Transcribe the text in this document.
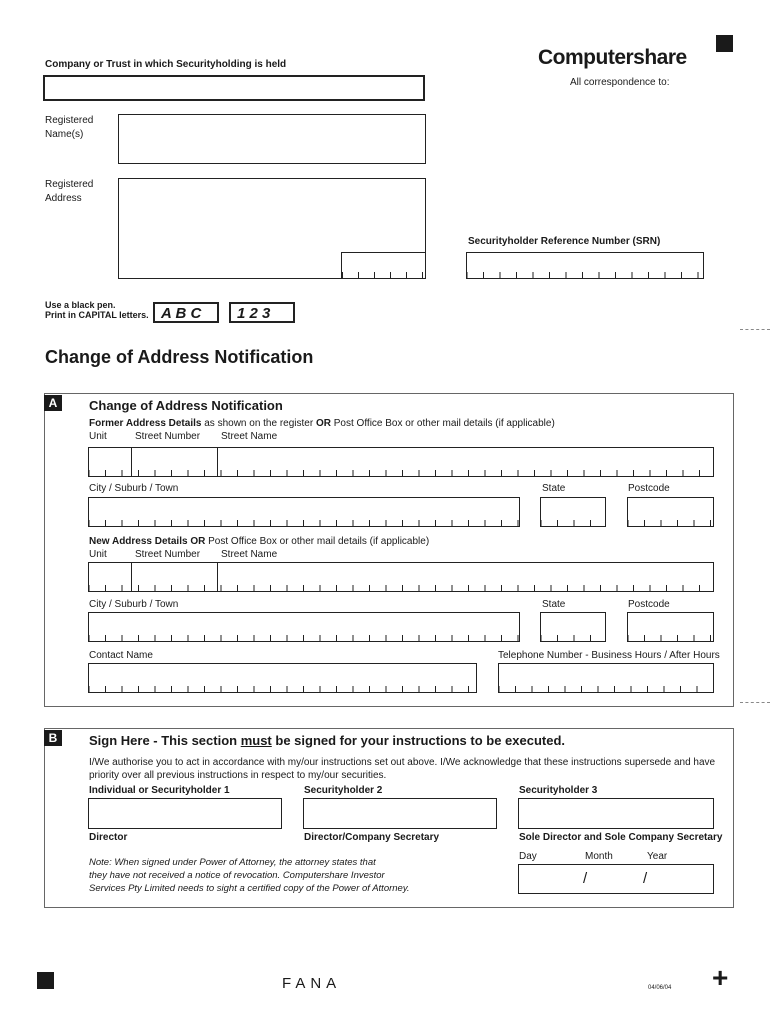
+
Company or Trust in which Securityholding is held	Computershare
All correspondence to:
Registered
Name(s)
Registered
Address
Securityholder Reference Number (SRN)
Use a black pen.
Print in CAPITAL letters. A B C 1 2 3
Change of Address Notification
A	Change of Address Notification
Former Address Details as shown on the register OR Post Office Box or other mail details (if applicable)
Unit	Street Number Street Name
City / Suburb / Town	State	Postcode
New Address Details OR Post Office Box or other mail details (if applicable)
Unit	Street Number Street Name
City / Suburb / Town	State	Postcode
Contact Name	Telephone Number - Business Hours / After Hours
B	Sign Here - This section must be signed for your instructions to be executed.
I/We authorise you to act in accordance with my/our instructions set out above. I/We acknowledge that these instructions supersede and have
priority over all previous instructions in respect to my/our securities.
Individual or Securityholder 1	Securityholder 2	Securityholder 3
Director	Director/Company Secretary	Sole Director and Sole Company Secretary
Day	Month	Year
/	/
Note: When signed under Power of Attorney, the attorney states that
they have not received a notice of revocation. Computershare Investor
Services Pty Limited needs to sight a certified copy of the Power of Attorney.
FANA	04/06/04
